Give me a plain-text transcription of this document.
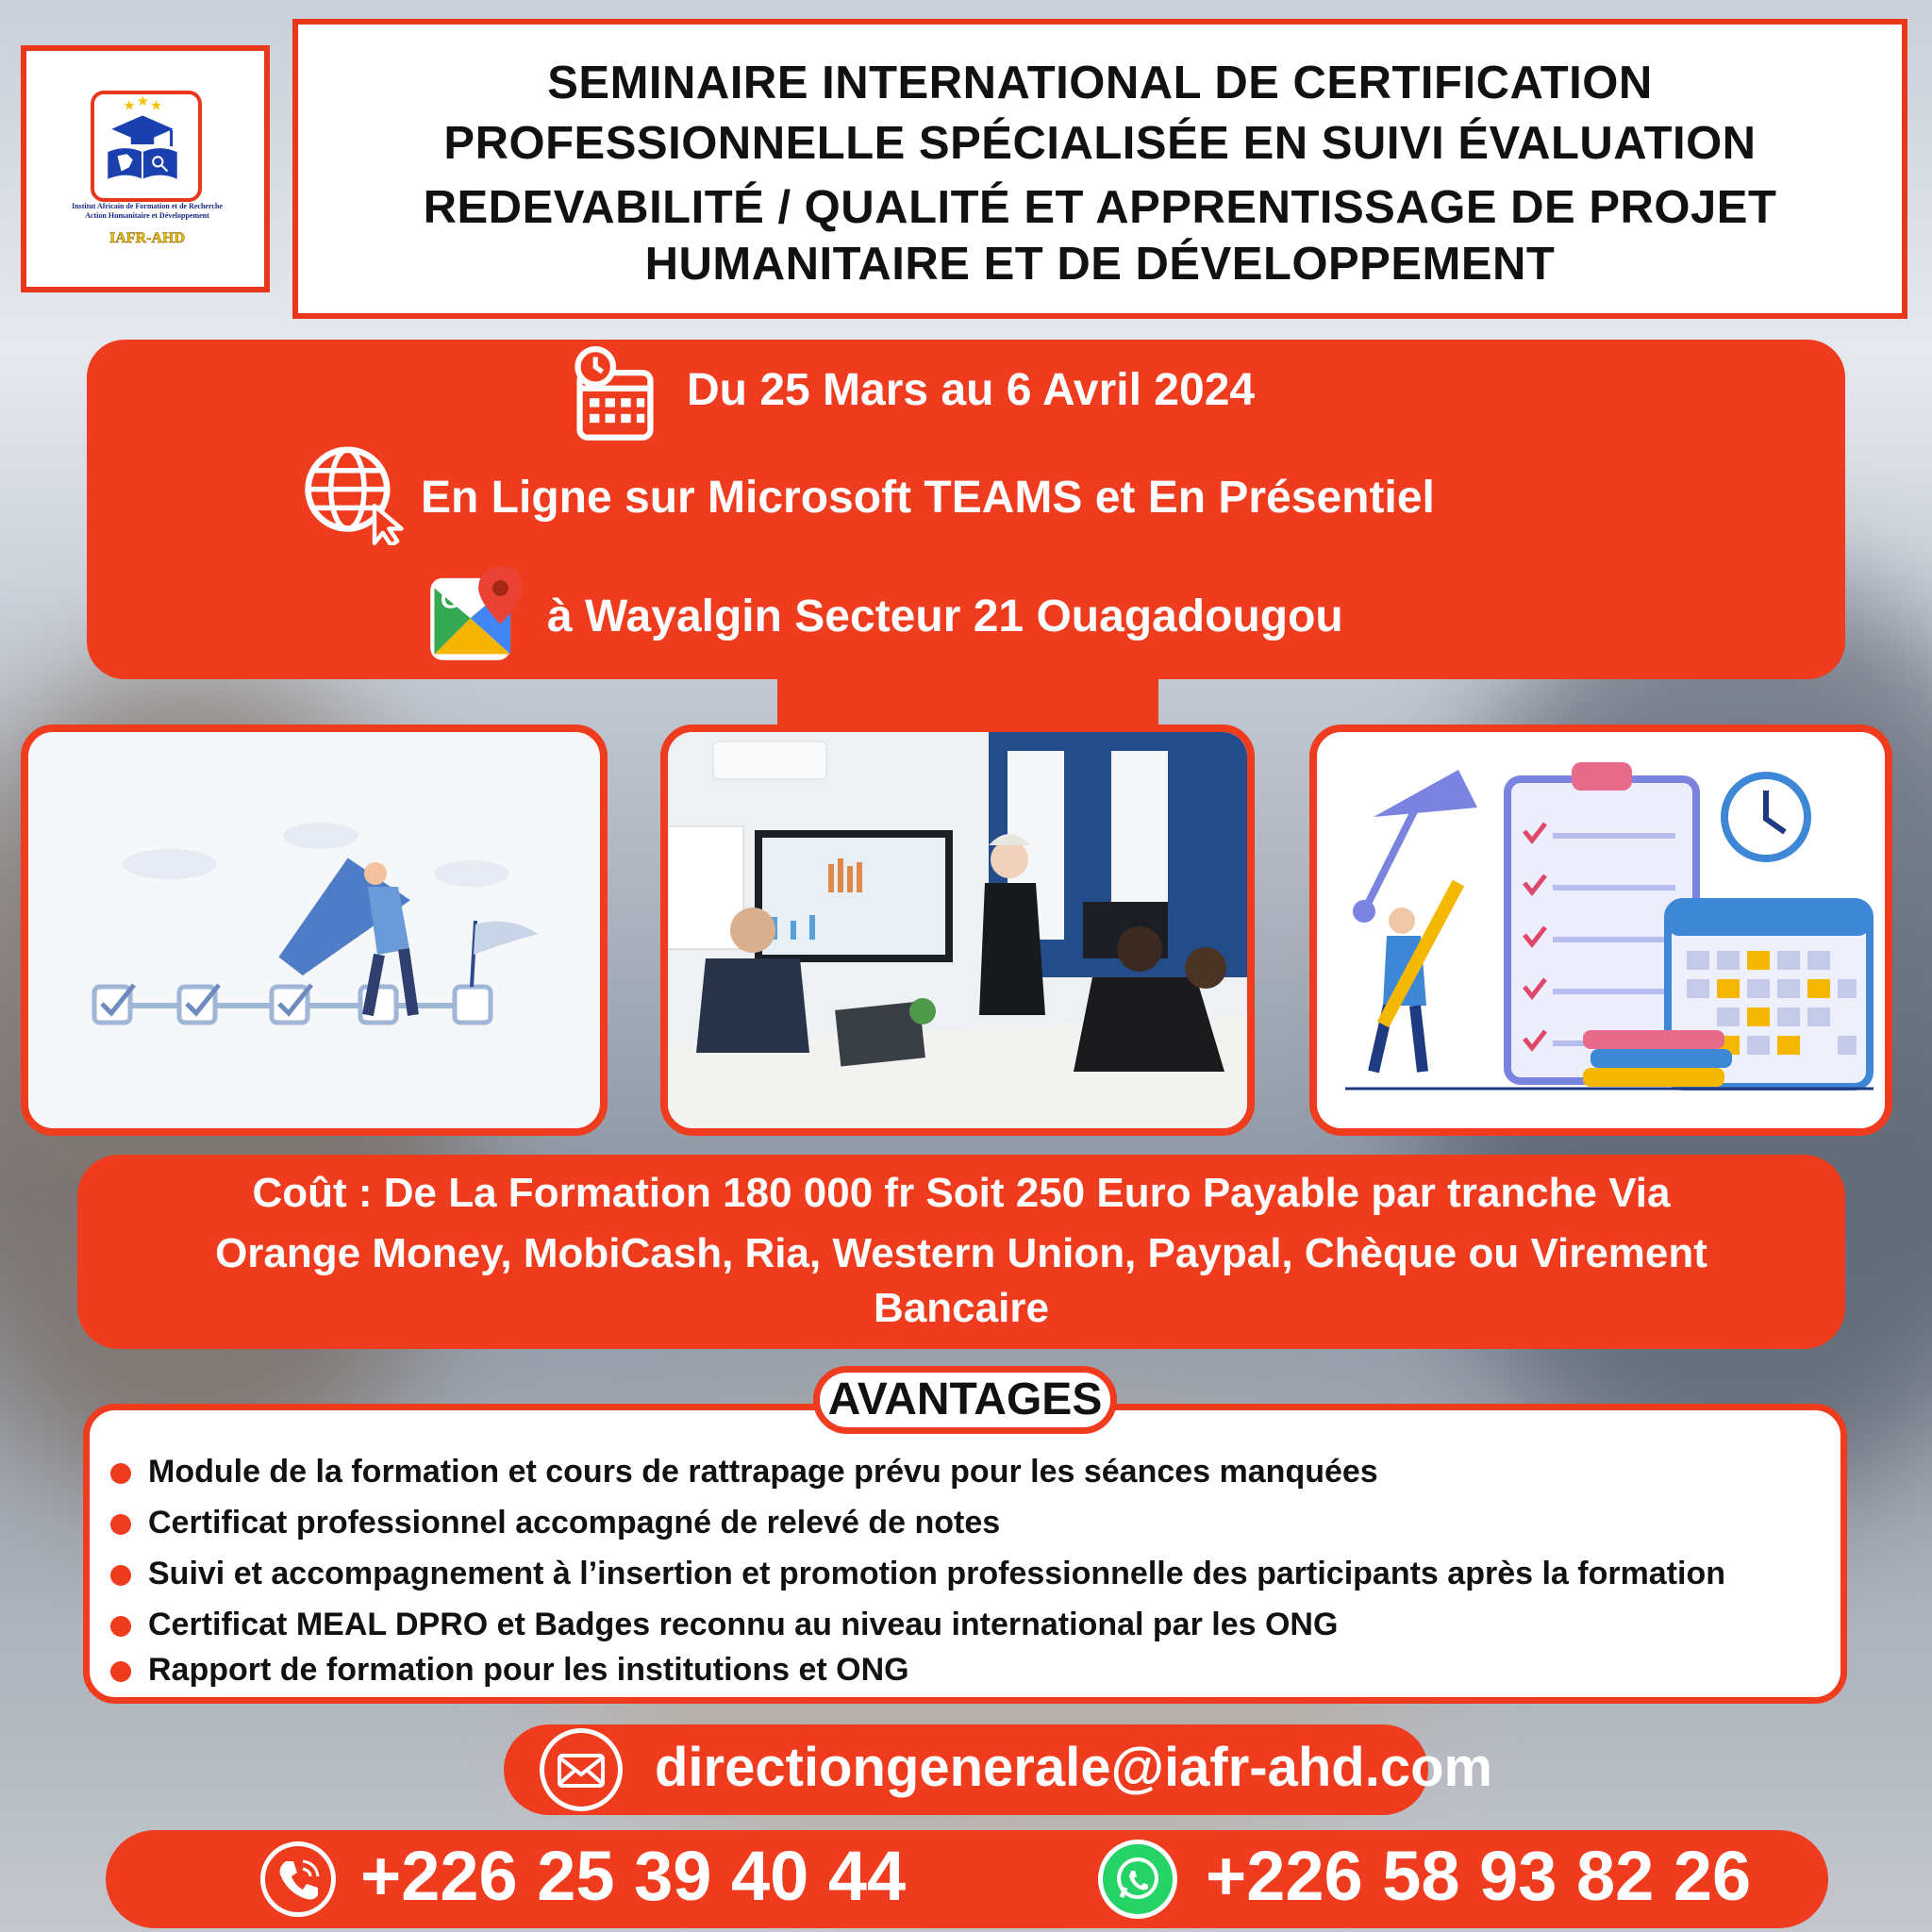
★ ★ ★
Institut Africain de Formation et de Recherche
Action Humanitaire et Développement
IAFR-AHD
SEMINAIRE INTERNATIONAL DE CERTIFICATION
PROFESSIONNELLE SPÉCIALISÉE EN SUIVI ÉVALUATION
REDEVABILITÉ / QUALITÉ ET APPRENTISSAGE DE PROJET
HUMANITAIRE ET DE DÉVELOPPEMENT
Du 25 Mars au 6 Avril 2024
En Ligne sur Microsoft TEAMS et En Présentiel
G à Wayalgin Secteur 21 Ouagadougou
Coût : De La Formation 180 000 fr Soit 250 Euro Payable par tranche Via
Orange Money, MobiCash, Ria, Western Union, Paypal, Chèque ou Virement
Bancaire
Module de la formation et cours de rattrapage prévu pour les séances manquées
Certificat professionnel accompagné de relevé de notes
Suivi et accompagnement à l’insertion et promotion professionnelle des participants après la formation
Certificat MEAL DPRO et Badges reconnu au niveau international par les ONG
Rapport de formation pour les institutions et ONG
AVANTAGES
directiongenerale@iafr-ahd.com
+226 25 39 40 44	+226 58 93 82 26
